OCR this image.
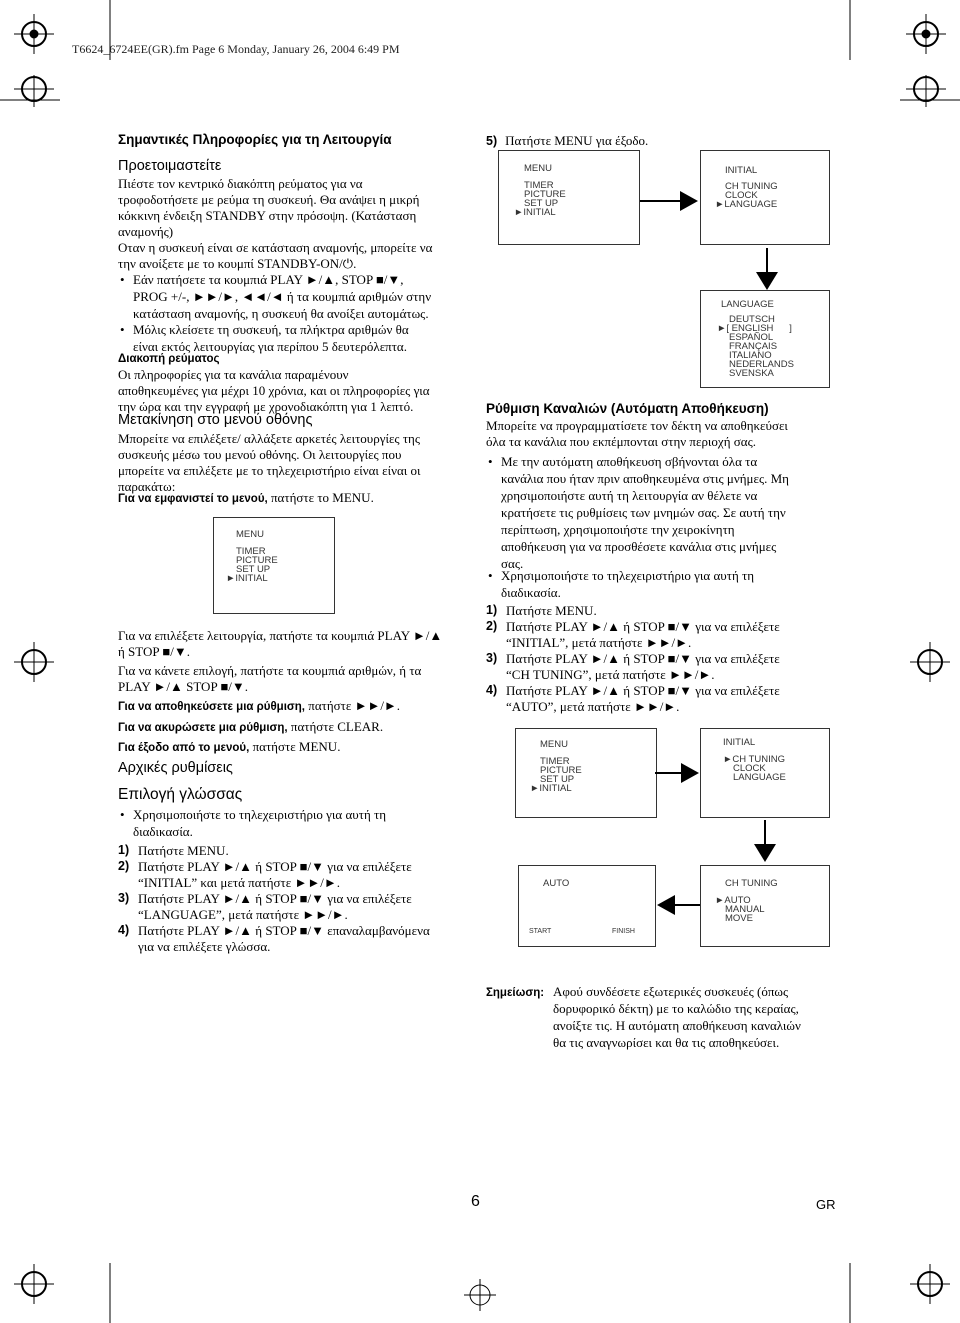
T6624_6724EE(GR).fm Page 6 Monday, January 26, 2004 6:49 PM
Σημαντικές Πληροφορίες για τη Λειτουργία
Προετοιμαστείτε
Πιέστε τον κεντρικό διακόπτη ρεύματος για να
τροφοδοτήσετε με ρεύμα τη συσκευή. Θα ανάψει η μικρή
κόκκινη ένδειξη STANDBY στην πρόσοψη. (Κατάσταση
αναμονής)
Οταν η συσκευή είναι σε κατάσταση αναμονής, μπορείτε να
την ανοίξετε με το κουμπί STANDBY-ON/⏻.
• Εάν πατήσετε τα κουμπιά PLAY ►/▲, STOP ■/▼,
PROG +/-, ►►/►, ◄◄/◄ ή τα κουμπιά αριθμών στην
κατάσταση αναμονής, η συσκευή θα ανοίξει αυτομάτως.
• Μόλις κλείσετε τη συσκευή, τα πλήκτρα αριθμών θα
είναι εκτός λειτουργίας για περίπου 5 δευτερόλεπτα.
Διακοπή ρεύματος
Οι πληροφορίες για τα κανάλια παραμένουν
αποθηκευμένες για μέχρι 10 χρόνια, και οι πληροφορίες για
την ώρα και την εγγραφή με χρονοδιακόπτη για 1 λεπτό.
Μετακίνηση στο μενού οθόνης
Μπορείτε να επιλέξετε/ αλλάξετε αρκετές λειτουργίες της
συσκευής μέσω του μενού οθόνης. Οι λειτουργίες που
μπορείτε να επιλέξετε με το τηλεχειριστήριο είναι είναι οι
παρακάτω:
Για να εμφανιστεί το μενού, πατήστε το MENU.
MENU
TIMER
PICTURE
SET UP
►INITIAL
Για να επιλέξετε λειτουργία, πατήστε τα κουμπιά PLAY ►/▲
ή STOP ■/▼.
Για να κάνετε επιλογή, πατήστε τα κουμπιά αριθμών, ή τα
PLAY ►/▲ STOP ■/▼.
Για να αποθηκεύσετε μια ρύθμιση, πατήστε ►►/►.
Για να ακυρώσετε μια ρύθμιση, πατήστε CLEAR.
Για έξοδο από το μενού, πατήστε MENU.
Αρχικές ρυθμίσεις
Επιλογή γλώσσας
• Χρησιμοποιήστε το τηλεχειριστήριο για αυτή τη
διαδικασία.
1) Πατήστε MENU.
2) Πατήστε PLAY ►/▲ ή STOP ■/▼ για να επιλέξετε
“INITIAL” και μετά πατήστε ►►/►.
3) Πατήστε PLAY ►/▲ ή STOP ■/▼ για να επιλέξετε
“LANGUAGE”, μετά πατήστε ►►/►.
4) Πατήστε PLAY ►/▲ ή STOP ■/▼ επαναλαμβανόμενα
για να επιλέξετε γλώσσα.
5) Πατήστε MENU για έξοδο.
MENU
TIMER
PICTURE
SET UP
►INITIAL
INITIAL
CH TUNING
CLOCK
►LANGUAGE
LANGUAGE
DEUTSCH
►[ ENGLISH      ]
ESPAÑOL
FRANÇAIS
ITALIANO
NEDERLANDS
SVENSKA
Ρύθμιση Καναλιών (Αυτόματη Αποθήκευση)
Μπορείτε να προγραμματίσετε τον δέκτη να αποθηκεύσει
όλα τα κανάλια που εκπέμπονται στην περιοχή σας.
• Με την αυτόματη αποθήκευση σβήνονται όλα τα
κανάλια που ήταν πριν αποθηκευμένα στις μνήμες. Μη
χρησιμοποιήστε αυτή τη λειτουργία αν θέλετε να
κρατήσετε τις ρυθμίσεις των μνημών σας. Σε αυτή την
περίπτωση, χρησιμοποιήστε την χειροκίνητη
αποθήκευση για να προσθέσετε κανάλια στις μνήμες
σας.
• Χρησιμοποιήστε το τηλεχειριστήριο για αυτή τη
διαδικασία.
1) Πατήστε MENU.
2) Πατήστε PLAY ►/▲ ή STOP ■/▼ για να επιλέξετε
“INITIAL”, μετά πατήστε ►►/►.
3) Πατήστε PLAY ►/▲ ή STOP ■/▼ για να επιλέξετε
“CH TUNING”, μετά πατήστε ►►/►.
4) Πατήστε PLAY ►/▲ ή STOP ■/▼ για να επιλέξετε
“AUTO”, μετά πατήστε ►►/►.
MENU
TIMER
PICTURE
SET UP
►INITIAL
INITIAL
►CH TUNING
CLOCK
LANGUAGE
AUTO
START	FINISH
CH TUNING
►AUTO
MANUAL
MOVE
Σημείωση: Αφού συνδέσετε εξωτερικές συσκευές (όπως
δορυφορικό δέκτη) με το καλώδιο της κεραίας,
ανοίξτε τις. Η αυτόματη αποθήκευση καναλιών
θα τις αναγνωρίσει και θα τις αποθηκεύσει.
6	GR
